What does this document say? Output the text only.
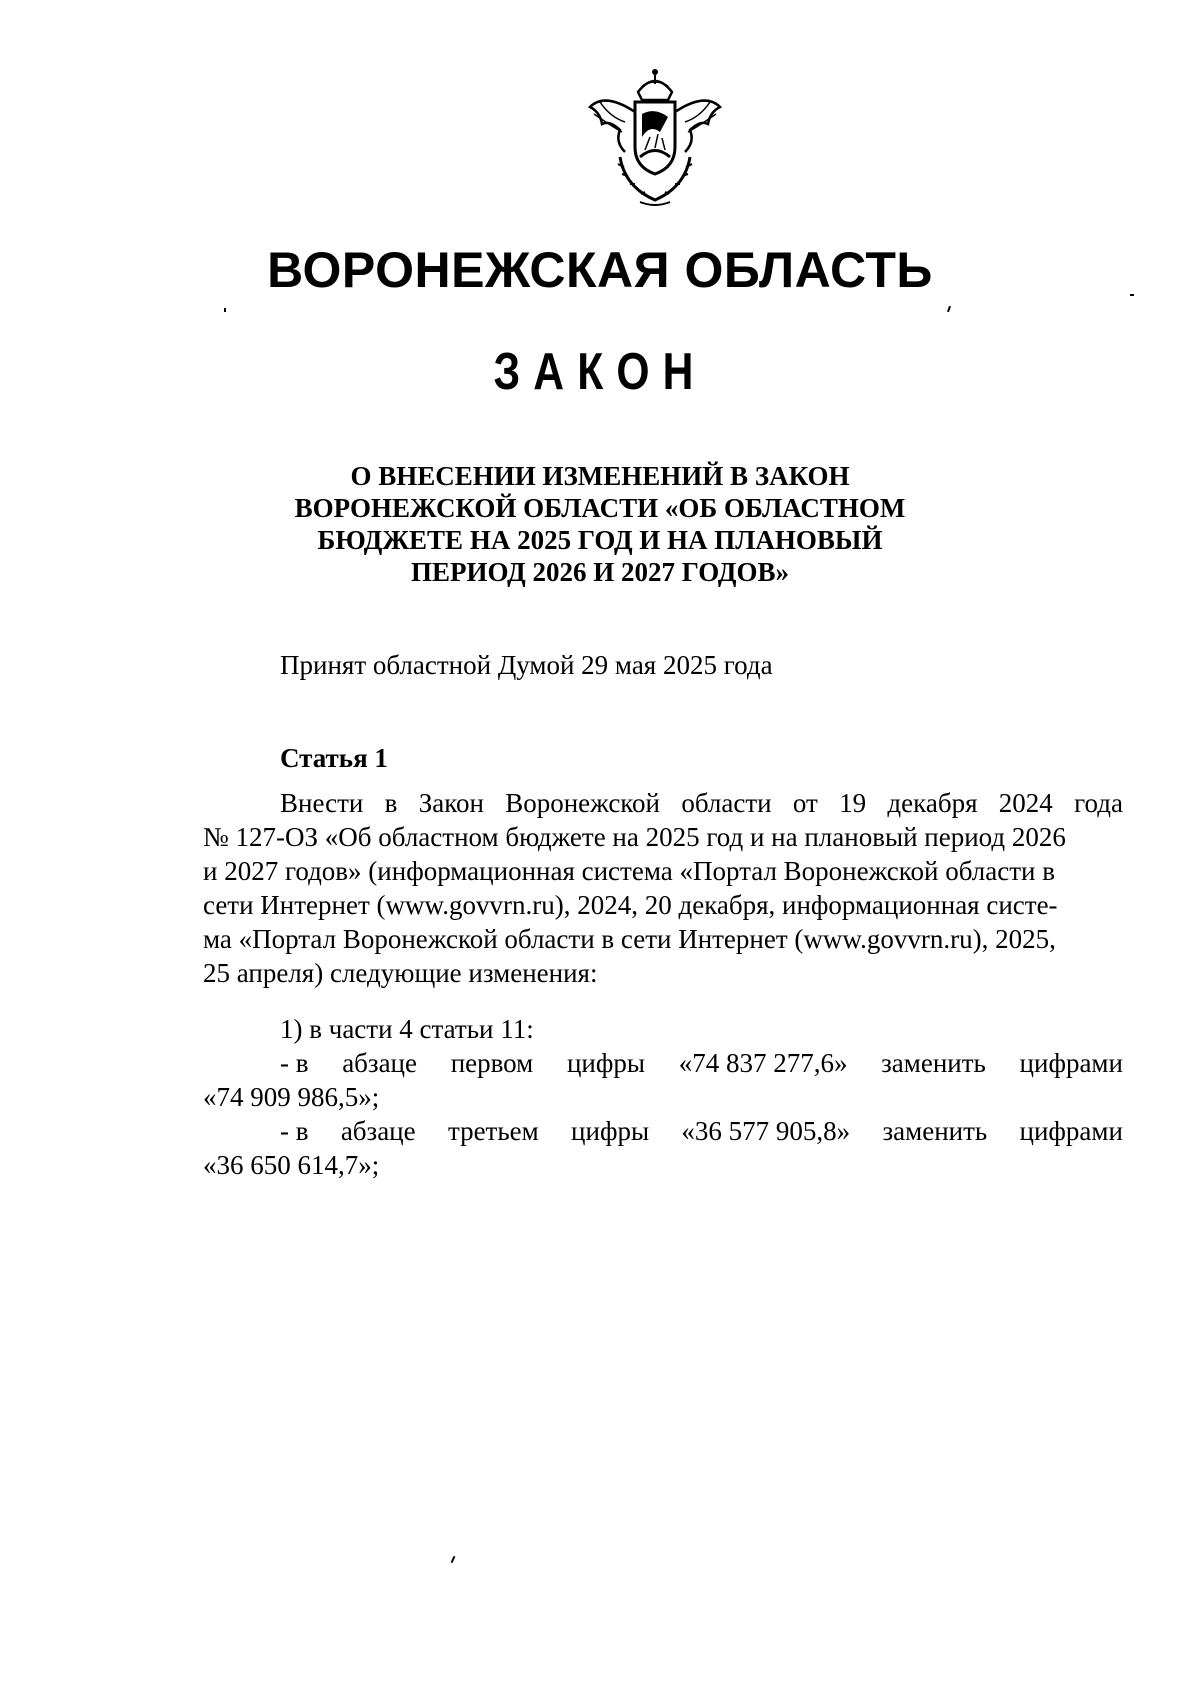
ВОРОНЕЖСКАЯ ОБЛАСТЬ
ЗАКОН
О ВНЕСЕНИИ ИЗМЕНЕНИЙ В ЗАКОН
ВОРОНЕЖСКОЙ ОБЛАСТИ «ОБ ОБЛАСТНОМ
БЮДЖЕТЕ НА 2025 ГОД И НА ПЛАНОВЫЙ
ПЕРИОД 2026 И 2027 ГОДОВ»
Принят областной Думой 29 мая 2025 года
Статья 1
Внести в Закон Воронежской области от 19 декабря 2024 года
№ 127-ОЗ «Об областном бюджете на 2025 год и на плановый период 2026
и 2027 годов» (информационная система «Портал Воронежской области в
сети Интернет (www.govvrn.ru), 2024, 20 декабря, информационная систе-
ма «Портал Воронежской области в сети Интернет (www.govvrn.ru), 2025,
25 апреля) следующие изменения:
1) в части 4 статьи 11:
- в абзаце первом цифры «74 837 277,6» заменить цифрами
«74 909 986,5»;
- в абзаце третьем цифры «36 577 905,8» заменить цифрами
«36 650 614,7»;
